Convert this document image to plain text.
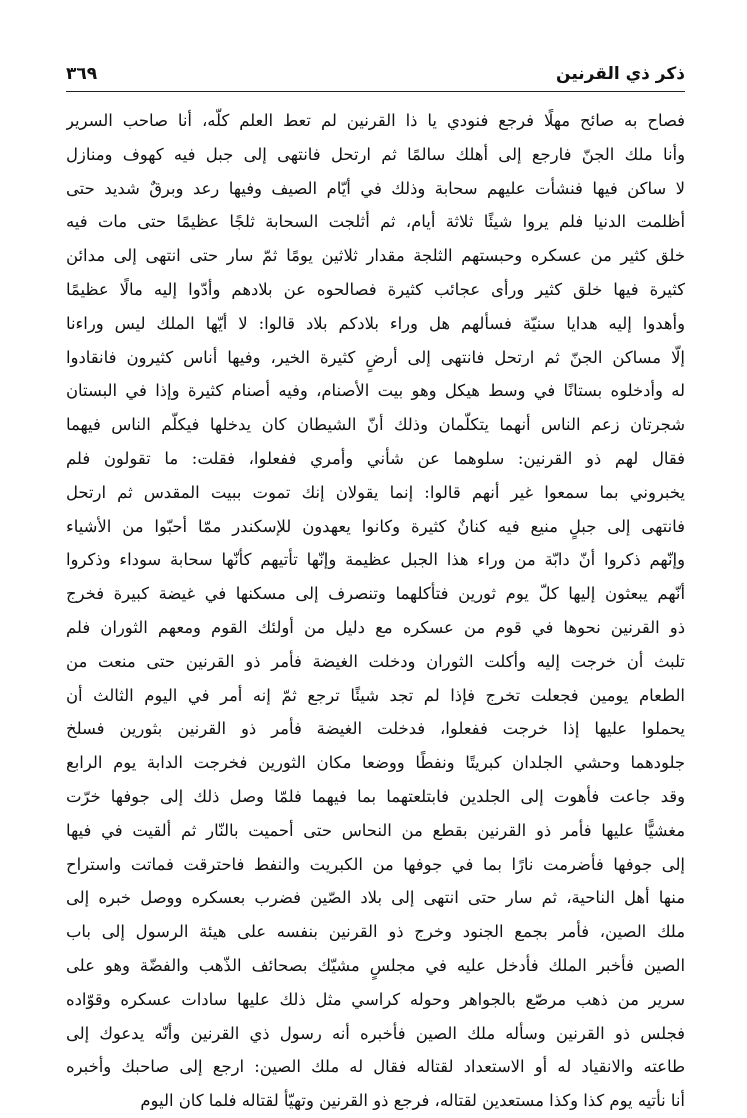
ذكر ذي القرنين
٣٦٩
فصاح به صائح مهلًا فرجع فنودي يا ذا القرنين لم تعط العلم كلّه، أنا صاحب السرير
وأنا ملك الجنّ فارجع إلى أهلك سالمًا ثم ارتحل فانتهى إلى جبل فيه كهوف ومنازل
لا ساكن فيها فنشأت عليهم سحابة وذلك في أيّام الصيف وفيها رعد وبرقٌ شديد حتى
أظلمت الدنيا فلم يروا شيئًا ثلاثة أيام، ثم أثلجت السحابة ثلجًا عظيمًا حتى مات فيه
خلق كثير من عسكره وحبستهم الثلجة مقدار ثلاثين يومًا ثمّ سار حتى انتهى إلى مدائن
كثيرة فيها خلق كثير ورأى عجائب كثيرة فصالحوه عن بلادهم وأدّوا إليه مالًا عظيمًا
وأهدوا إليه هدايا سنيّة فسألهم هل وراء بلادكم بلاد قالوا: لا أيّها الملك ليس وراءنا
إلّا مساكن الجنّ ثم ارتحل فانتهى إلى أرضٍ كثيرة الخير، وفيها أناس كثيرون فانقادوا
له وأدخلوه بستانًا في وسط هيكل وهو بيت الأصنام، وفيه أصنام كثيرة وإذا في البستان
شجرتان زعم الناس أنهما يتكلّمان وذلك أنّ الشيطان كان يدخلها فيكلّم الناس فيهما
فقال لهم ذو القرنين: سلوهما عن شأني وأمري ففعلوا، فقلت: ما تقولون فلم
يخبروني بما سمعوا غير أنهم قالوا: إنما يقولان إنك تموت ببيت المقدس ثم ارتحل
فانتهى إلى جبلٍ منيع فيه كنانٌ كثيرة وكانوا يعهدون للإسكندر ممّا أحبّوا من الأشياء
وإنّهم ذكروا أنّ دابّة من وراء هذا الجبل عظيمة وإنّها تأتيهم كأنّها سحابة سوداء وذكروا
أنّهم يبعثون إليها كلّ يوم ثورين فتأكلهما وتنصرف إلى مسكنها في غيضة كبيرة فخرج
ذو القرنين نحوها في قوم من عسكره مع دليل من أولئك القوم ومعهم الثوران فلم
تلبث أن خرجت إليه وأكلت الثوران ودخلت الغيضة فأمر ذو القرنين حتى منعت من
الطعام يومين فجعلت تخرج فإذا لم تجد شيئًا ترجع ثمّ إنه أمر في اليوم الثالث أن
يحملوا عليها إذا خرجت ففعلوا، فدخلت الغيضة فأمر ذو القرنين بثورين فسلخ
جلودهما وحشي الجلدان كبريتًا ونفطًا ووضعا مكان الثورين فخرجت الدابة يوم الرابع
وقد جاعت فأهوت إلى الجلدين فابتلعتهما بما فيهما فلمّا وصل ذلك إلى جوفها خرّت
مغشيًّا عليها فأمر ذو القرنين بقطع من النحاس حتى أحميت بالنّار ثم ألقيت في فيها
إلى جوفها فأضرمت نارًا بما في جوفها من الكبريت والنفط فاحترقت فماتت واستراح
منها أهل الناحية، ثم سار حتى انتهى إلى بلاد الصّين فضرب بعسكره ووصل خبره إلى
ملك الصين، فأمر بجمع الجنود وخرج ذو القرنين بنفسه على هيئة الرسول إلى باب
الصين فأخبر الملك فأدخل عليه في مجلسٍ مشيّك بصحائف الذّهب والفضّة وهو على
سرير من ذهب مرصّع بالجواهر وحوله كراسي مثل ذلك عليها سادات عسكره وقوّاده
فجلس ذو القرنين وسأله ملك الصين فأخبره أنه رسول ذي القرنين وأنّه يدعوك إلى
طاعته والانقياد له أو الاستعداد لقتاله فقال له ملك الصين: ارجع إلى صاحبك وأخبره
أنا نأتيه يوم كذا وكذا مستعدين لقتاله، فرجع ذو القرنين وتهيّأ لقتاله فلما كان اليوم
